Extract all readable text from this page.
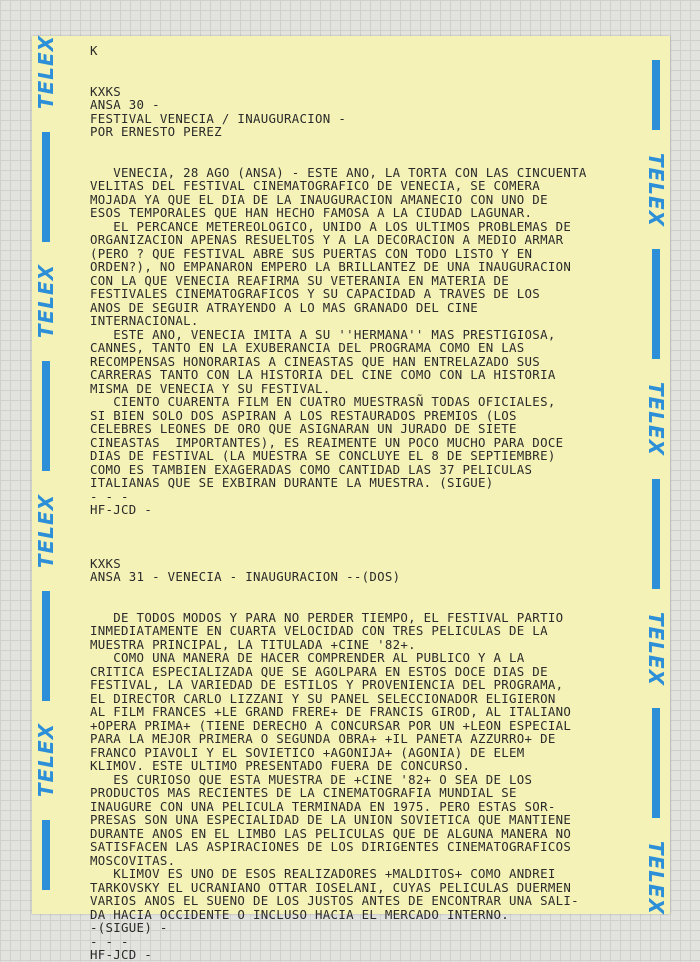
TELEX
TELEX
TELEX
TELEX
TELEX
TELEX
TELEX
TELEX
K
KXKS
ANSA 30 -
FESTIVAL VENECIA / INAUGURACION -
POR ERNESTO PEREZ
VENECIA, 28 AGO (ANSA) - ESTE ANO, LA TORTA CON LAS CINCUENTA
VELITAS DEL FESTIVAL CINEMATOGRAFICO DE VENECIA, SE COMERA
MOJADA YA QUE EL DIA DE LA INAUGURACION AMANECIO CON UNO DE
ESOS TEMPORALES QUE HAN HECHO FAMOSA A LA CIUDAD LAGUNAR.
EL PERCANCE METEREOLOGICO, UNIDO A LOS ULTIMOS PROBLEMAS DE
ORGANIZACION APENAS RESUELTOS Y A LA DECORACION A MEDIO ARMAR
(PERO ? QUE FESTIVAL ABRE SUS PUERTAS CON TODO LISTO Y EN
ORDEN?), NO EMPANARON EMPERO LA BRILLANTEZ DE UNA INAUGURACION
CON LA QUE VENECIA REAFIRMA SU VETERANIA EN MATERIA DE
FESTIVALES CINEMATOGRAFICOS Y SU CAPACIDAD A TRAVES DE LOS
ANOS DE SEGUIR ATRAYENDO A LO MAS GRANADO DEL CINE
INTERNACIONAL.
ESTE ANO, VENECIA IMITA A SU ''HERMANA'' MAS PRESTIGIOSA,
CANNES, TANTO EN LA EXUBERANCIA DEL PROGRAMA COMO EN LAS
RECOMPENSAS HONORARIAS A CINEASTAS QUE HAN ENTRELAZADO SUS
CARRERAS TANTO CON LA HISTORIA DEL CINE COMO CON LA HISTORIA
MISMA DE VENECIA Y SU FESTIVAL.
CIENTO CUARENTA FILM EN CUATRO MUESTRASÑ TODAS OFICIALES,
SI BIEN SOLO DOS ASPIRAN A LOS RESTAURADOS PREMIOS (LOS
CELEBRES LEONES DE ORO QUE ASIGNARAN UN JURADO DE SIETE
CINEASTAS  IMPORTANTES), ES REAIMENTE UN POCO MUCHO PARA DOCE
DIAS DE FESTIVAL (LA MUESTRA SE CONCLUYE EL 8 DE SEPTIEMBRE)
COMO ES TAMBIEN EXAGERADAS COMO CANTIDAD LAS 37 PELICULAS
ITALIANAS QUE SE EXBIRAN DURANTE LA MUESTRA. (SIGUE)
- - -
HF-JCD -
KXKS
ANSA 31 - VENECIA - INAUGURACION --(DOS)
DE TODOS MODOS Y PARA NO PERDER TIEMPO, EL FESTIVAL PARTIO
INMEDIATAMENTE EN CUARTA VELOCIDAD CON TRES PELICULAS DE LA
MUESTRA PRINCIPAL, LA TITULADA +CINE '82+.
COMO UNA MANERA DE HACER COMPRENDER AL PUBLICO Y A LA
CRITICA ESPECIALIZADA QUE SE AGOLPARA EN ESTOS DOCE DIAS DE
FESTIVAL, LA VARIEDAD DE ESTILOS Y PROVENIENCIA DEL PROGRAMA,
EL DIRECTOR CARLO LIZZANI Y SU PANEL SELECCIONADOR ELIGIERON
AL FILM FRANCES +LE GRAND FRERE+ DE FRANCIS GIROD, AL ITALIANO
+OPERA PRIMA+ (TIENE DERECHO A CONCURSAR POR UN +LEON ESPECIAL
PARA LA MEJOR PRIMERA O SEGUNDA OBRA+ +IL PANETA AZZURRO+ DE
FRANCO PIAVOLI Y EL SOVIETICO +AGONIJA+ (AGONIA) DE ELEM
KLIMOV. ESTE ULTIMO PRESENTADO FUERA DE CONCURSO.
ES CURIOSO QUE ESTA MUESTRA DE +CINE '82+ O SEA DE LOS
PRODUCTOS MAS RECIENTES DE LA CINEMATOGRAFIA MUNDIAL SE
INAUGURE CON UNA PELICULA TERMINADA EN 1975. PERO ESTAS SOR-
PRESAS SON UNA ESPECIALIDAD DE LA UNION SOVIETICA QUE MANTIENE
DURANTE ANOS EN EL LIMBO LAS PELICULAS QUE DE ALGUNA MANERA NO
SATISFACEN LAS ASPIRACIONES DE LOS DIRIGENTES CINEMATOGRAFICOS
MOSCOVITAS.
KLIMOV ES UNO DE ESOS REALIZADORES +MALDITOS+ COMO ANDREI
TARKOVSKY EL UCRANIANO OTTAR IOSELANI, CUYAS PELICULAS DUERMEN
VARIOS ANOS EL SUENO DE LOS JUSTOS ANTES DE ENCONTRAR UNA SALI-
DA HACIA OCCIDENTE O INCLUSO HACIA EL MERCADO INTERNO.
-(SIGUE) -
- - -
HF-JCD -
